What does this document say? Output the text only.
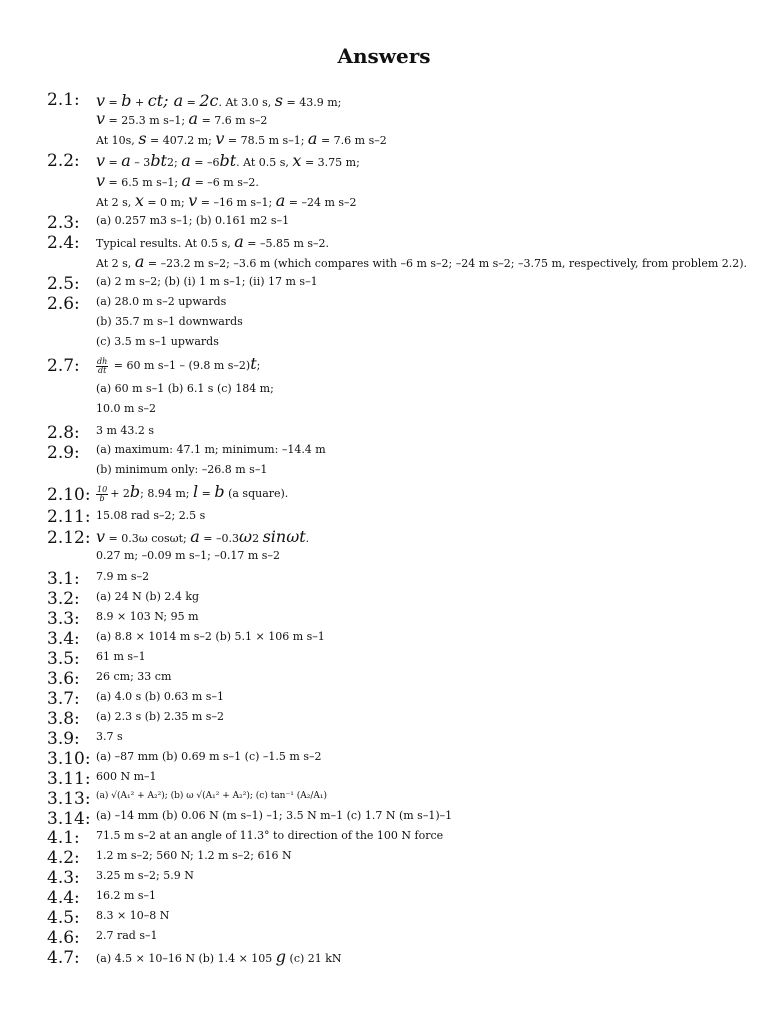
Answers
2.1: v = b + ct; a = 2c. At 3.0 s, s = 43.9 m;
v = 25.3 m s–1; a = 7.6 m s–2
At 10s, s = 407.2 m; v = 78.5 m s–1; a = 7.6 m s–2
2.2: v = a – 3bt2; a = –6bt. At 0.5 s, x = 3.75 m;
v = 6.5 m s–1; a = –6 m s–2.
At 2 s, x = 0 m; v = –16 m s–1; a = –24 m s–2
2.3: (a) 0.257 m3 s–1; (b) 0.161 m2 s–1
2.4: Typical results. At 0.5 s, a = –5.85 m s–2.
At 2 s, a = –23.2 m s–2; –3.6 m (which compares with –6 m s–2; –24 m s–2; –3.75 m, respectively, from problem 2.2).
2.5: (a) 2 m s–2; (b) (i) 1 m s–1; (ii) 17 m s–1
2.6: (a) 28.0 m s–2 upwards
(b) 35.7 m s–1 downwards
(c) 3.5 m s–1 upwards
2.7: $\frac{dh}{dt} = 60$ m s–1 – (9.8 m s–2)t;
(a) 60 m s–1 (b) 6.1 s (c) 184 m;
10.0 m s–2
2.8: 3 m 43.2 s
2.9: (a) maximum: 47.1 m; minimum: –14.4 m
(b) minimum only: –26.8 m s–1
2.10: $\frac{10}{b} + 2b$; 8.94 m; l = b (a square).
2.11: 15.08 rad s–2; 2.5 s
2.12: v = 0.3ω cosωt; a = –0.3ω2 sinωt.
0.27 m; –0.09 m s–1; –0.17 m s–2
3.1: 7.9 m s–2
3.2: (a) 24 N (b) 2.4 kg
3.3: 8.9 × 103 N; 95 m
3.4: (a) 8.8 × 1014 m s–2 (b) 5.1 × 106 m s–1
3.5: 61 m s–1
3.6: 26 cm; 33 cm
3.7: (a) 4.0 s (b) 0.63 m s–1
3.8: (a) 2.3 s (b) 2.35 m s–2
3.9: 3.7 s
3.10: (a) –87 mm (b) 0.69 m s–1 (c) –1.5 m s–2
3.11: 600 N m–1
3.13: (a) √(A₁² + A₂²); (b) ω √(A₁² + A₂²); (c) tan⁻¹ (A₂/A₁)
3.14: (a) –14 mm (b) 0.06 N (m s–1) –1; 3.5 N m–1 (c) 1.7 N (m s–1)–1
4.1: 71.5 m s–2 at an angle of 11.3° to direction of the 100 N force
4.2: 1.2 m s–2; 560 N; 1.2 m s–2; 616 N
4.3: 3.25 m s–2; 5.9 N
4.4: 16.2 m s–1
4.5: 8.3 × 10–8 N
4.6: 2.7 rad s–1
4.7: (a) 4.5 × 10–16 N (b) 1.4 × 105 g (c) 21 kN
